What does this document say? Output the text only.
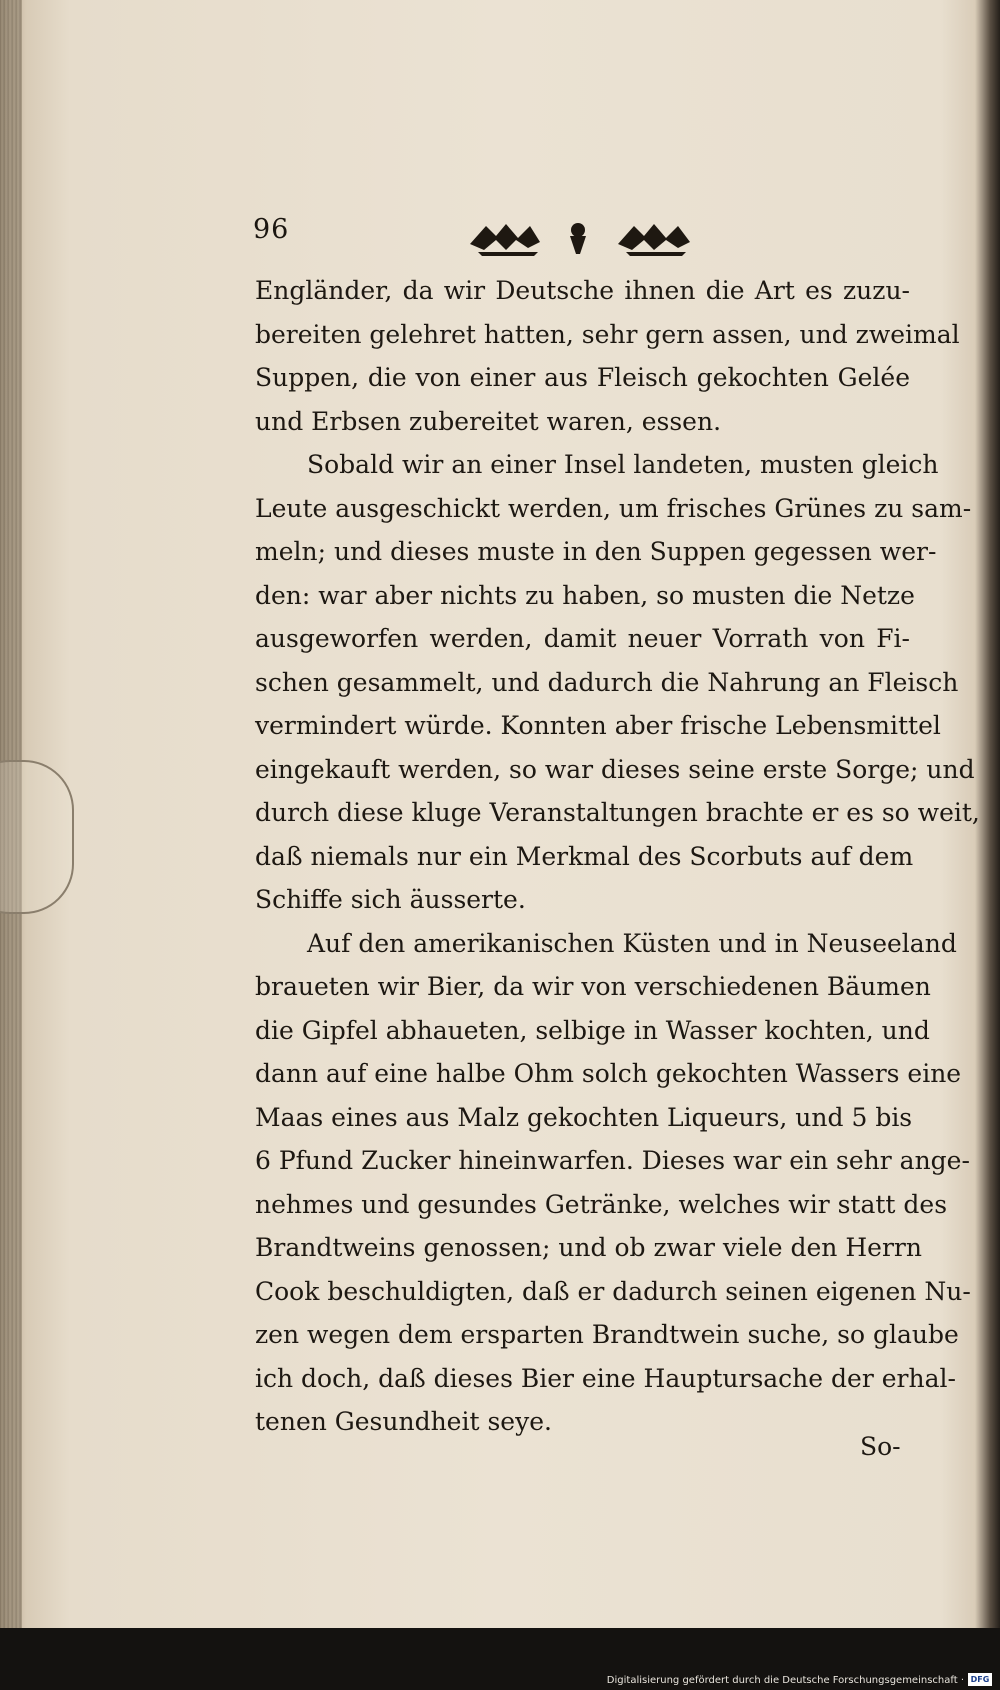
96
Engländer, da wir Deutsche ihnen die Art es zuzu-
bereiten gelehret hatten, sehr gern assen, und zweimal
Suppen, die von einer aus Fleisch gekochten Gelée
und Erbsen zubereitet waren, essen.
Sobald wir an einer Insel landeten, musten gleich
Leute ausgeschickt werden, um frisches Grünes zu sam-
meln; und dieses muste in den Suppen gegessen wer-
den: war aber nichts zu haben, so musten die Netze
ausgeworfen werden, damit neuer Vorrath von Fi-
schen gesammelt, und dadurch die Nahrung an Fleisch
vermindert würde. Konnten aber frische Lebensmittel
eingekauft werden, so war dieses seine erste Sorge; und
durch diese kluge Veranstaltungen brachte er es so weit,
daß niemals nur ein Merkmal des Scorbuts auf dem
Schiffe sich äusserte.
Auf den amerikanischen Küsten und in Neuseeland
braueten wir Bier, da wir von verschiedenen Bäumen
die Gipfel abhaueten, selbige in Wasser kochten, und
dann auf eine halbe Ohm solch gekochten Wassers eine
Maas eines aus Malz gekochten Liqueurs, und 5 bis
6 Pfund Zucker hineinwarfen. Dieses war ein sehr ange-
nehmes und gesundes Getränke, welches wir statt des
Brandtweins genossen; und ob zwar viele den Herrn
Cook beschuldigten, daß er dadurch seinen eigenen Nu-
zen wegen dem ersparten Brandtwein suche, so glaube
ich doch, daß dieses Bier eine Hauptursache der erhal-
tenen Gesundheit seye.
So-
Digitalisierung gefördert durch die Deutsche Forschungsgemeinschaft · DFG
